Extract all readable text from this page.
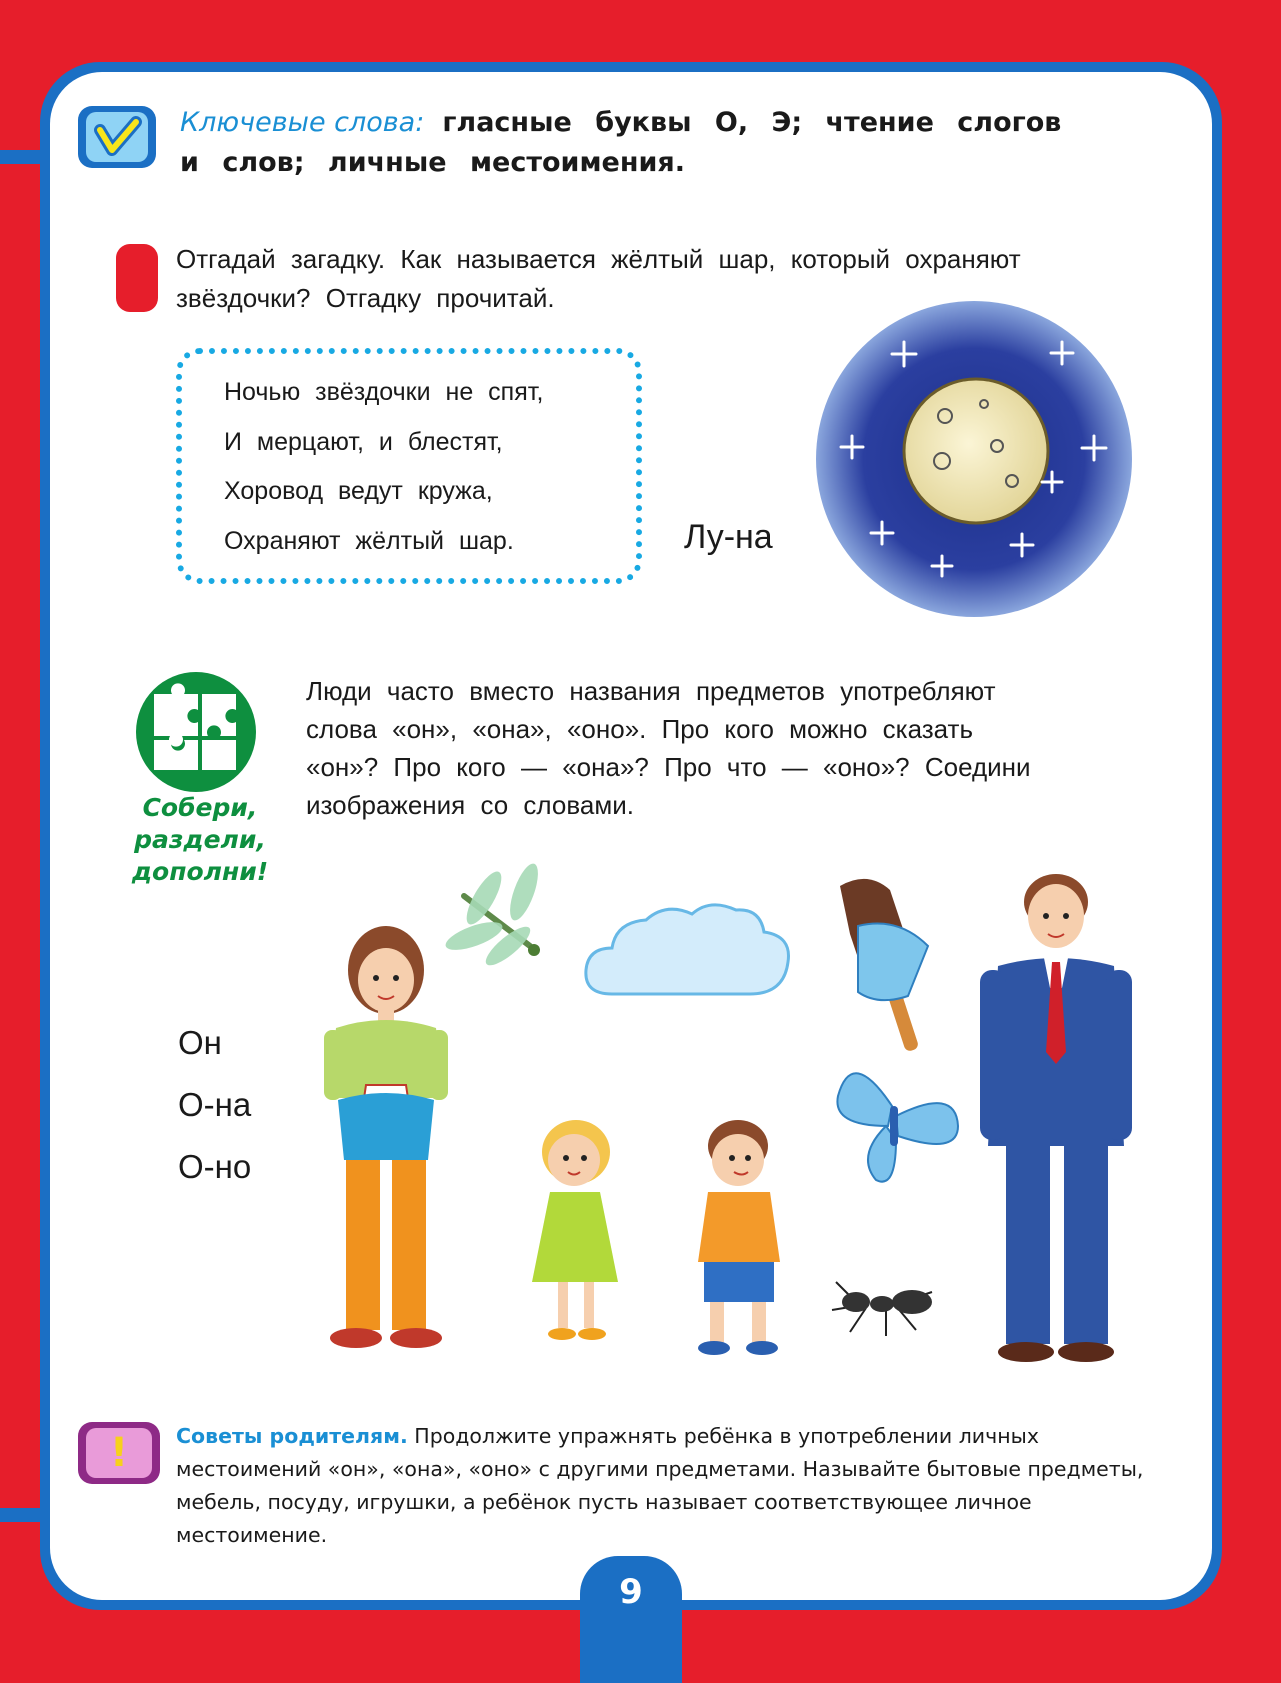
9
Ключевые слова: гласные буквы О, Э; чтение слогов
и слов; личные местоимения.
Отгадай загадку. Как называется жёлтый шар, который охраняют
звёздочки? Отгадку прочитай.
Ночью звёздочки не спят,
И мерцают, и блестят,
Хоровод ведут кружа,
Охраняют жёлтый шар.	Лу-на
Собери,
раздели,
дополни!
Люди часто вместо названия предметов употребляют
слова «он», «она», «оно». Про кого можно сказать
«он»? Про кого — «она»? Про что — «оно»? Соедини
изображения со словами.
Он
О-на
О-но
!	Советы родителям. Продолжите упражнять ребёнка в употреблении личных
местоимений «он», «она», «оно» с другими предметами. Называйте бытовые предметы,
мебель, посуду, игрушки, а ребёнок пусть называет соответствующее личное
местоимение.
